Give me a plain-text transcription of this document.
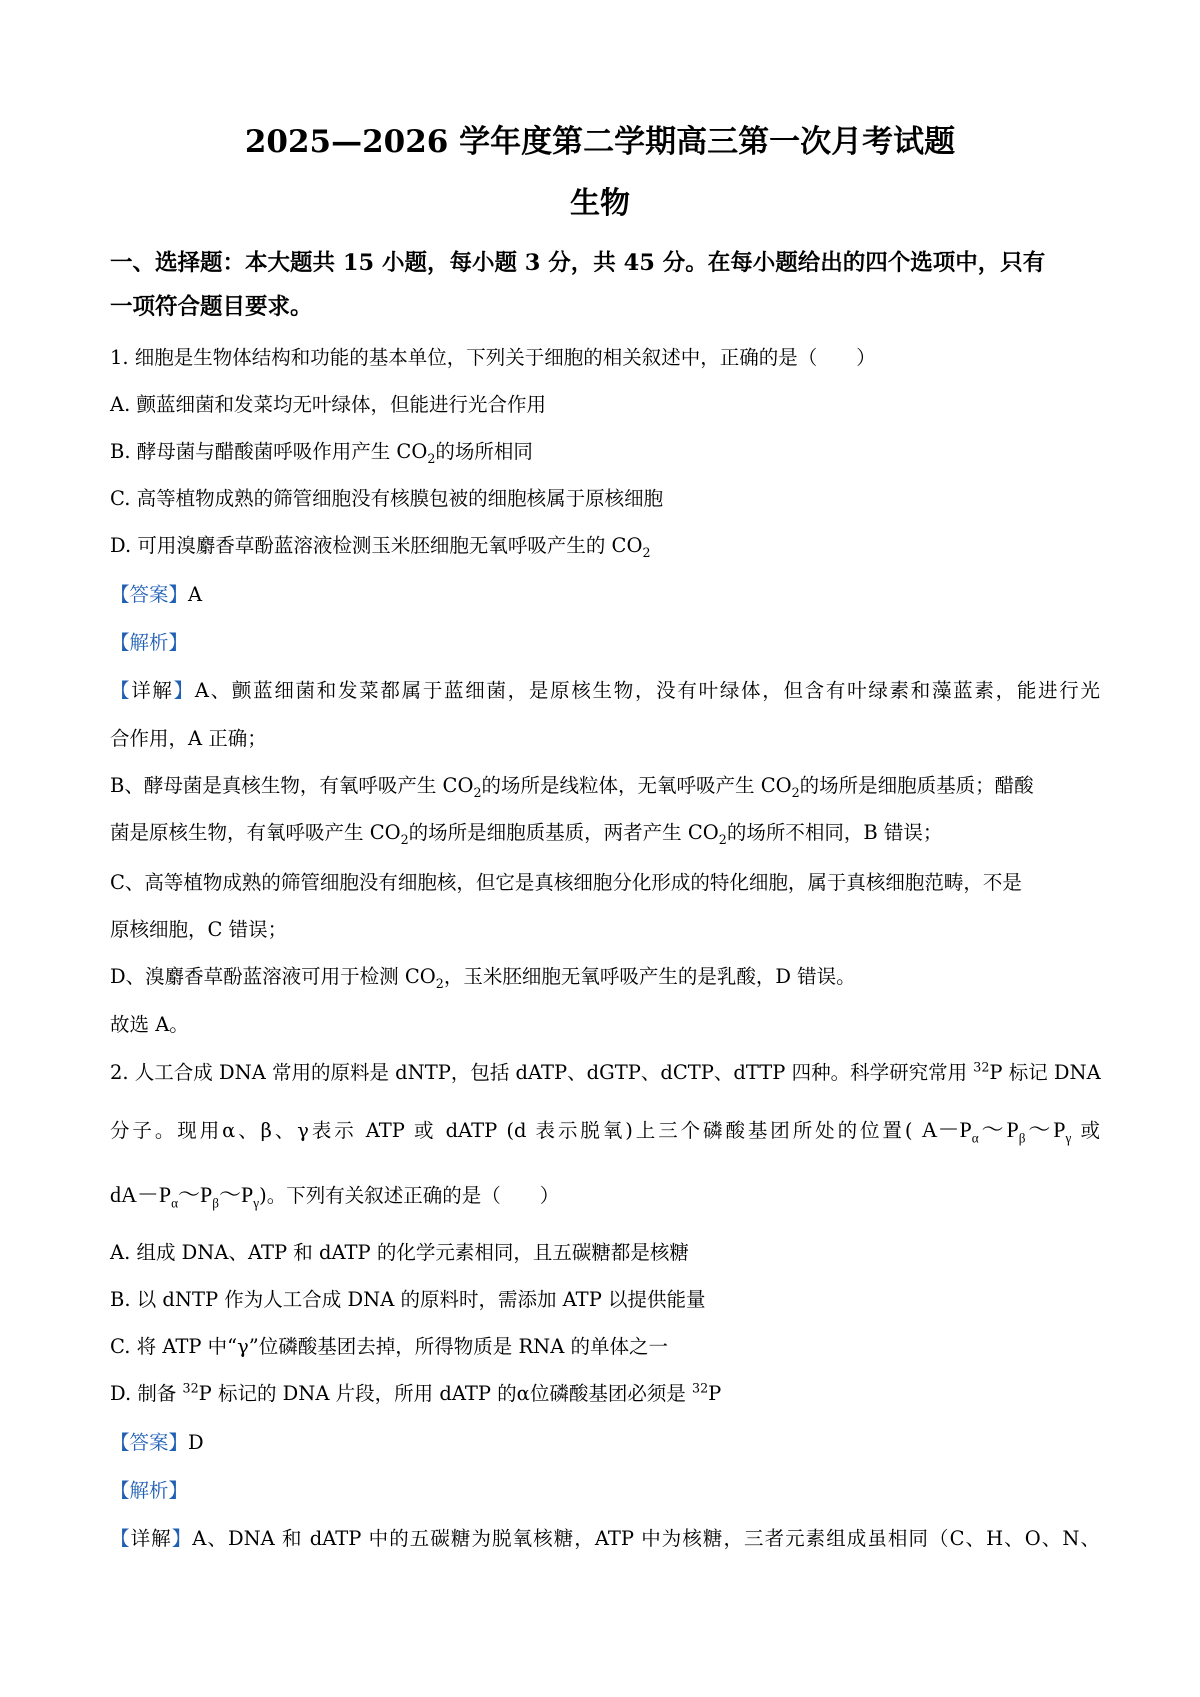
2025—2026 学年度第二学期高三第一次月考试题
生物
一、选择题：本大题共 15 小题，每小题 3 分，共 45 分。在每小题给出的四个选项中，只有
一项符合题目要求。
1. 细胞是生物体结构和功能的基本单位，下列关于细胞的相关叙述中，正确的是（　　）
A. 颤蓝细菌和发菜均无叶绿体，但能进行光合作用
B. 酵母菌与醋酸菌呼吸作用产生 $CO_2$的场所相同
C. 高等植物成熟的筛管细胞没有核膜包被的细胞核属于原核细胞
D. 可用溴麝香草酚蓝溶液检测玉米胚细胞无氧呼吸产生的 $CO_2$
【答案】A
【解析】
【详解】A、颤蓝细菌和发菜都属于蓝细菌，是原核生物，没有叶绿体，但含有叶绿素和藻蓝素，能进行光
合作用，A 正确；
B、酵母菌是真核生物，有氧呼吸产生 $CO_2$的场所是线粒体，无氧呼吸产生 $CO_2$的场所是细胞质基质；醋酸
菌是原核生物，有氧呼吸产生 $CO_2$的场所是细胞质基质，两者产生 $CO_2$的场所不相同，B 错误；
C、高等植物成熟的筛管细胞没有细胞核，但它是真核细胞分化形成的特化细胞，属于真核细胞范畴，不是
原核细胞，C 错误；
D、溴麝香草酚蓝溶液可用于检测 $CO_2$，玉米胚细胞无氧呼吸产生的是乳酸，D 错误。
故选 A。
2. 人工合成 DNA 常用的原料是 dNTP，包括 dATP、dGTP、dCTP、dTTP 四种。科学研究常用 $^{32}$P 标记 DNA
分子。现用α、β、γ表示 ATP 或 dATP (d 表示脱氧)上三个磷酸基团所处的位置( $A-P_\alpha\sim P_\beta\sim P_\gamma$ 或
$dA-P_\alpha\sim P_\beta\sim P_\gamma$)。下列有关叙述正确的是（　　）
A. 组成 DNA、ATP 和 dATP 的化学元素相同，且五碳糖都是核糖
B. 以 dNTP 作为人工合成 DNA 的原料时，需添加 ATP 以提供能量
C. 将 ATP 中“γ”位磷酸基团去掉，所得物质是 RNA 的单体之一
D. 制备 $^{32}$P 标记的 DNA 片段，所用 dATP 的α位磷酸基团必须是 $^{32}$P
【答案】D
【解析】
【详解】A、DNA 和 dATP 中的五碳糖为脱氧核糖，ATP 中为核糖，三者元素组成虽相同（C、H、O、N、
